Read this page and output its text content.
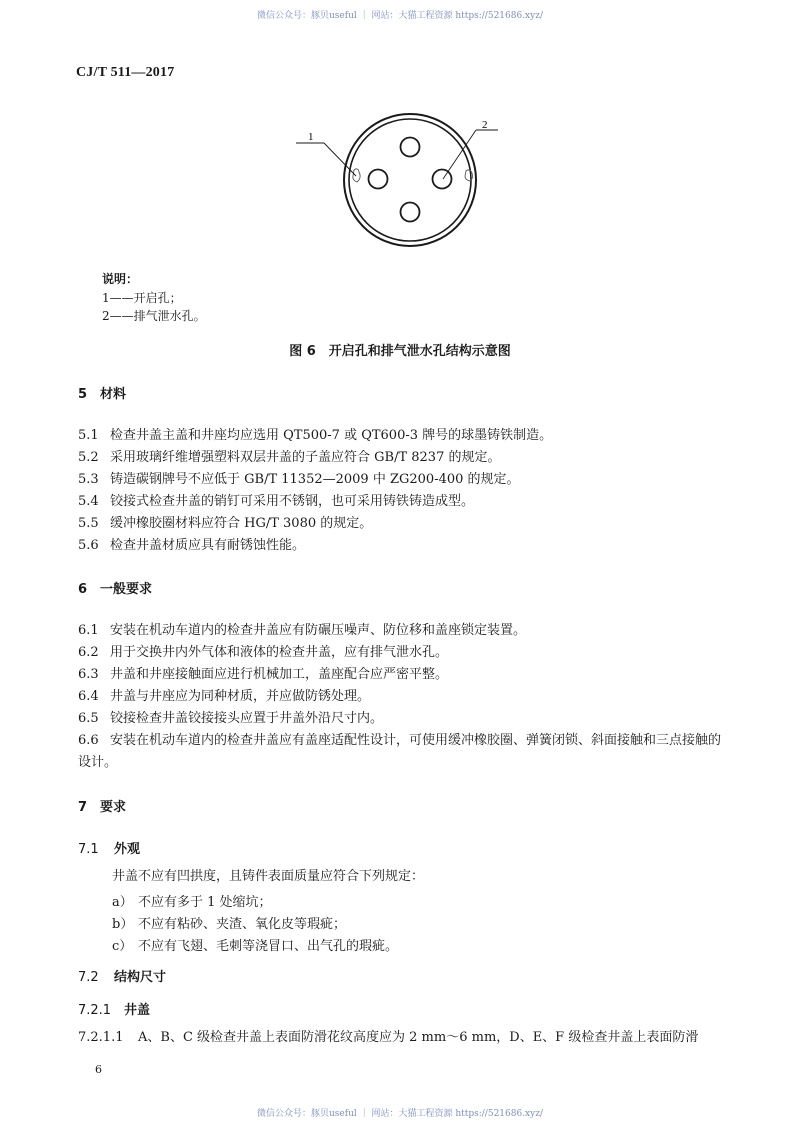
微信公众号：豚贝useful ｜ 网站：大猫工程资源 https://521686.xyz/
CJ/T 511—2017
1
2
说明：
1——开启孔；
2——排气泄水孔。
图 6　开启孔和排气泄水孔结构示意图
5 材料
5.1 检查井盖主盖和井座均应选用 QT500-7 或 QT600-3 牌号的球墨铸铁制造。
5.2 采用玻璃纤维增强塑料双层井盖的子盖应符合 GB/T 8237 的规定。
5.3 铸造碳钢牌号不应低于 GB/T 11352—2009 中 ZG200-400 的规定。
5.4 铰接式检查井盖的销钉可采用不锈钢，也可采用铸铁铸造成型。
5.5 缓冲橡胶圈材料应符合 HG/T 3080 的规定。
5.6 检查井盖材质应具有耐锈蚀性能。
6 一般要求
6.1 安装在机动车道内的检查井盖应有防碾压噪声、防位移和盖座锁定装置。
6.2 用于交换井内外气体和液体的检查井盖，应有排气泄水孔。
6.3 井盖和井座接触面应进行机械加工，盖座配合应严密平整。
6.4 井盖与井座应为同种材质，并应做防锈处理。
6.5 铰接检查井盖铰接接头应置于井盖外沿尺寸内。
6.6 安装在机动车道内的检查井盖应有盖座适配性设计，可使用缓冲橡胶圈、弹簧闭锁、斜面接触和三点接触的设计。
7 要求
7.1 外观
井盖不应有凹拱度，且铸件表面质量应符合下列规定：
a） 不应有多于 1 处缩坑；
b） 不应有粘砂、夹渣、氧化皮等瑕疵；
c） 不应有飞翅、毛刺等浇冒口、出气孔的瑕疵。
7.2 结构尺寸
7.2.1 井盖
7.2.1.1 A、B、C 级检查井盖上表面防滑花纹高度应为 2 mm～6 mm，D、E、F 级检查井盖上表面防滑
6
微信公众号：豚贝useful ｜ 网站：大猫工程资源 https://521686.xyz/
